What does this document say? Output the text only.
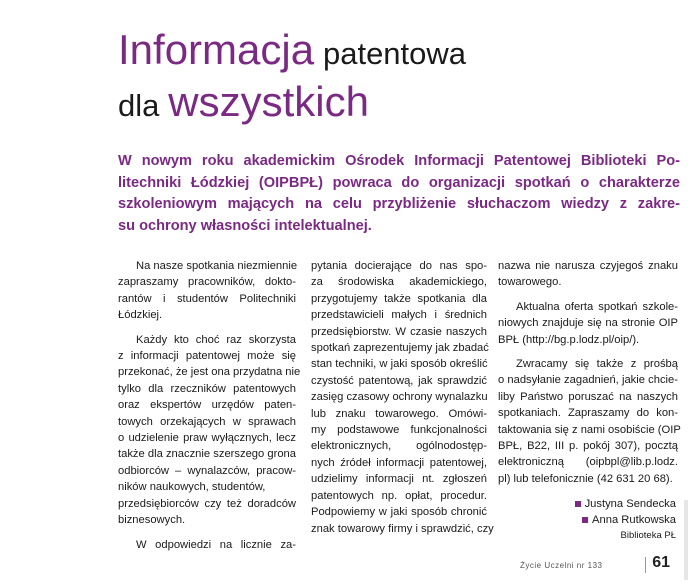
Informacja patentowa
dla wszystkich

W nowym roku akademickim Ośrodek Informacji Patentowej Biblioteki Po-
litechniki Łódzkiej (OIPBPŁ) powraca do organizacji spotkań o charakterze
szkoleniowym mających na celu przybliżenie słuchaczom wiedzy z zakre-
su ochrony własności intelektualnej.

Na nasze spotkania niezmiennie
zapraszamy pracowników, dokto-
rantów i studentów Politechniki
Łódzkiej.
Każdy kto choć raz skorzysta
z informacji patentowej może się
przekonać, że jest ona przydatna nie
tylko dla rzeczników patentowych
oraz ekspertów urzędów paten-
towych orzekających w sprawach
o udzielenie praw wyłącznych, lecz
także dla znacznie szerszego grona
odbiorców – wynalazców, pracow-
ników naukowych, studentów,
przedsiębiorców czy też doradców
biznesowych.
W odpowiedzi na licznie za-
pytania docierające do nas spo-
za środowiska akademickiego,
przygotujemy także spotkania dla
przedstawicieli małych i średnich
przedsiębiorstw. W czasie naszych
spotkań zaprezentujemy jak zbadać
stan techniki, w jaki sposób określić
czystość patentową, jak sprawdzić
zasięg czasowy ochrony wynalazku
lub znaku towarowego. Omówi-
my podstawowe funkcjonalności
elektronicznych, ogólnodostęp-
nych źródeł informacji patentowej,
udzielimy informacji nt. zgłoszeń
patentowych np. opłat, procedur.
Podpowiemy w jaki sposób chronić
znak towarowy firmy i sprawdzić, czy
nazwa nie narusza czyjegoś znaku
towarowego.
Aktualna oferta spotkań szkole-
niowych znajduje się na stronie OIP
BPŁ (http://bg.p.lodz.pl/oip/).
Zwracamy się także z prośbą
o nadsyłanie zagadnień, jakie chcie-
liby Państwo poruszać na naszych
spotkaniach. Zapraszamy do kon-
taktowania się z nami osobiście (OIP
BPŁ, B22, III p. pokój 307), pocztą
elektroniczną (oipbpl@lib.p.lodz.
pl) lub telefonicznie (42 631 20 68).
Justyna Sendecka
Anna Rutkowska
Biblioteka PŁ
Życie Uczelni nr 133	61
